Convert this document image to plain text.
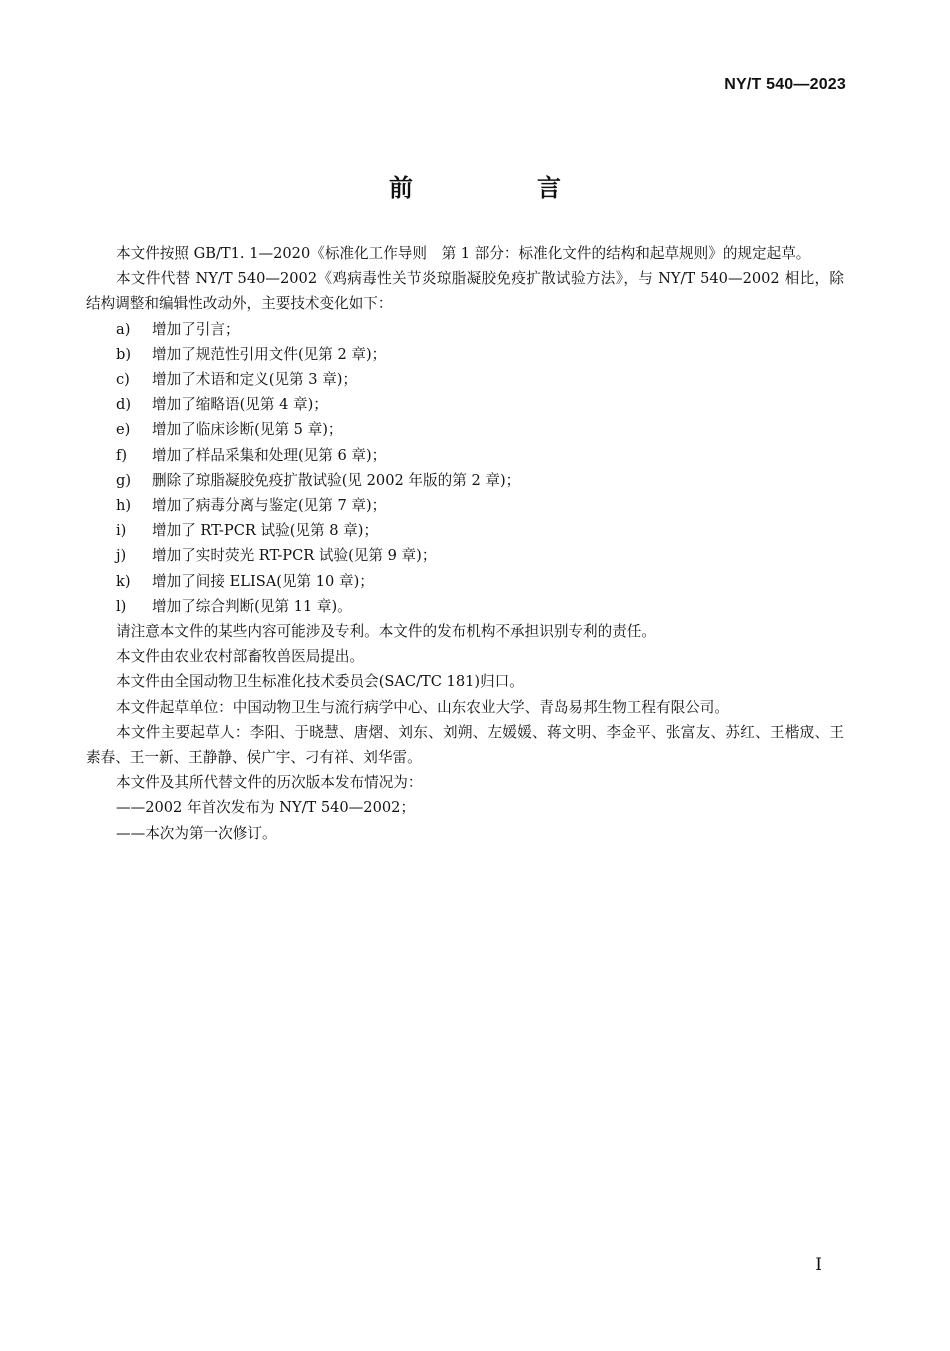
NY/T 540—2023
前　言

本文件按照 GB/T1. 1—2020《标准化工作导则　第 1 部分：标准化文件的结构和起草规则》的规定起草。

本文件代替 NY/T 540—2002《鸡病毒性关节炎琼脂凝胶免疫扩散试验方法》，与 NY/T 540—2002 相比，除结构调整和编辑性改动外，主要技术变化如下：

a)	增加了引言；
b)	增加了规范性引用文件(见第 2 章)；
c)	增加了术语和定义(见第 3 章)；
d)	增加了缩略语(见第 4 章)；
e)	增加了临床诊断(见第 5 章)；
f)	增加了样品采集和处理(见第 6 章)；
g)	删除了琼脂凝胶免疫扩散试验(见 2002 年版的第 2 章)；
h)	增加了病毒分离与鉴定(见第 7 章)；
i)	增加了 RT-PCR 试验(见第 8 章)；
j)	增加了实时荧光 RT-PCR 试验(见第 9 章)；
k)	增加了间接 ELISA(见第 10 章)；
l)	增加了综合判断(见第 11 章)。

请注意本文件的某些内容可能涉及专利。本文件的发布机构不承担识别专利的责任。

本文件由农业农村部畜牧兽医局提出。

本文件由全国动物卫生标准化技术委员会(SAC/TC 181)归口。

本文件起草单位：中国动物卫生与流行病学中心、山东农业大学、青岛易邦生物工程有限公司。

本文件主要起草人：李阳、于晓慧、唐熠、刘东、刘朔、左媛媛、蒋文明、李金平、张富友、苏红、王楷宬、王素春、王一新、王静静、侯广宇、刁有祥、刘华雷。

本文件及其所代替文件的历次版本发布情况为：

——2002 年首次发布为 NY/T 540—2002；

——本次为第一次修订。

I
